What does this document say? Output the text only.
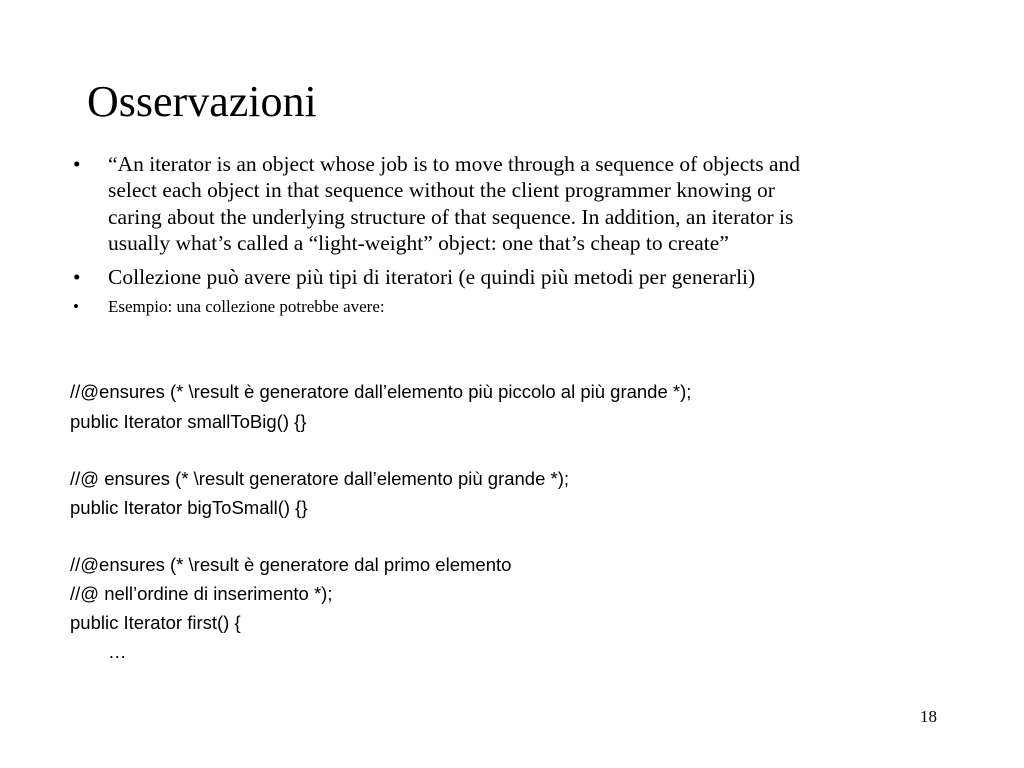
Osservazioni
• “An iterator is an object whose job is to move through a sequence of objects and
select each object in that sequence without the client programmer knowing or
caring about the underlying structure of that sequence. In addition, an iterator is
usually what’s called a “light-weight” object: one that’s cheap to create”
• Collezione può avere più tipi di iteratori (e quindi più metodi per generarli)
• Esempio: una collezione potrebbe avere:
//@ensures (* \result è generatore dall’elemento più piccolo al più grande *);
public Iterator smallToBig() {}
//@ ensures (* \result generatore dall’elemento più grande *);
public Iterator bigToSmall() {}
//@ensures (* \result è generatore dal primo elemento
//@ nell’ordine di inserimento *);
public Iterator first() {
…
18
